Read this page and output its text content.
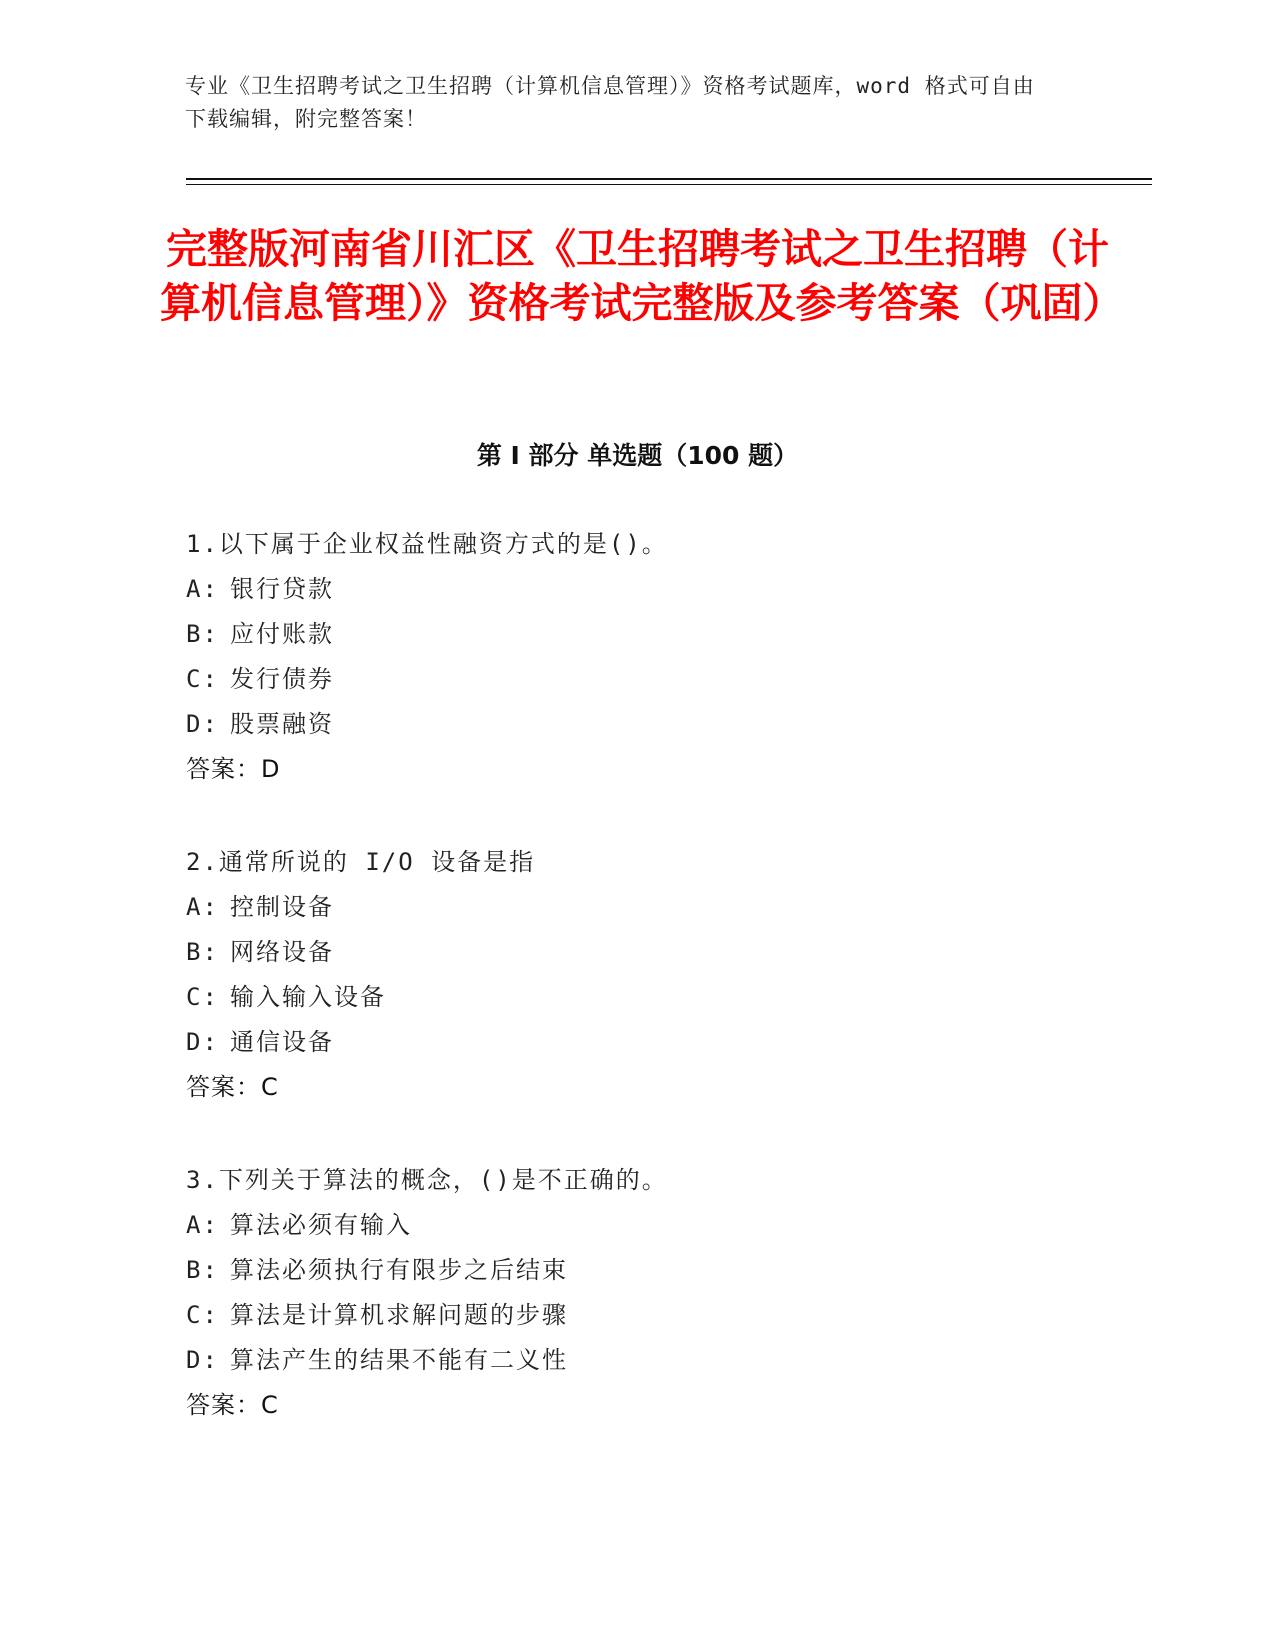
专业《卫生招聘考试之卫生招聘（计算机信息管理）》资格考试题库，word 格式可自由下载编辑，附完整答案！
完整版河南省川汇区《卫生招聘考试之卫生招聘（计算机信息管理）》资格考试完整版及参考答案（巩固）
第 I 部分 单选题（100 题）
1.以下属于企业权益性融资方式的是()。
A: 银行贷款
B: 应付账款
C: 发行债券
D: 股票融资
答案：D
2.通常所说的 I/O 设备是指
A: 控制设备
B: 网络设备
C: 输入输入设备
D: 通信设备
答案：C
3.下列关于算法的概念，()是不正确的。
A: 算法必须有输入
B: 算法必须执行有限步之后结束
C: 算法是计算机求解问题的步骤
D: 算法产生的结果不能有二义性
答案：C
